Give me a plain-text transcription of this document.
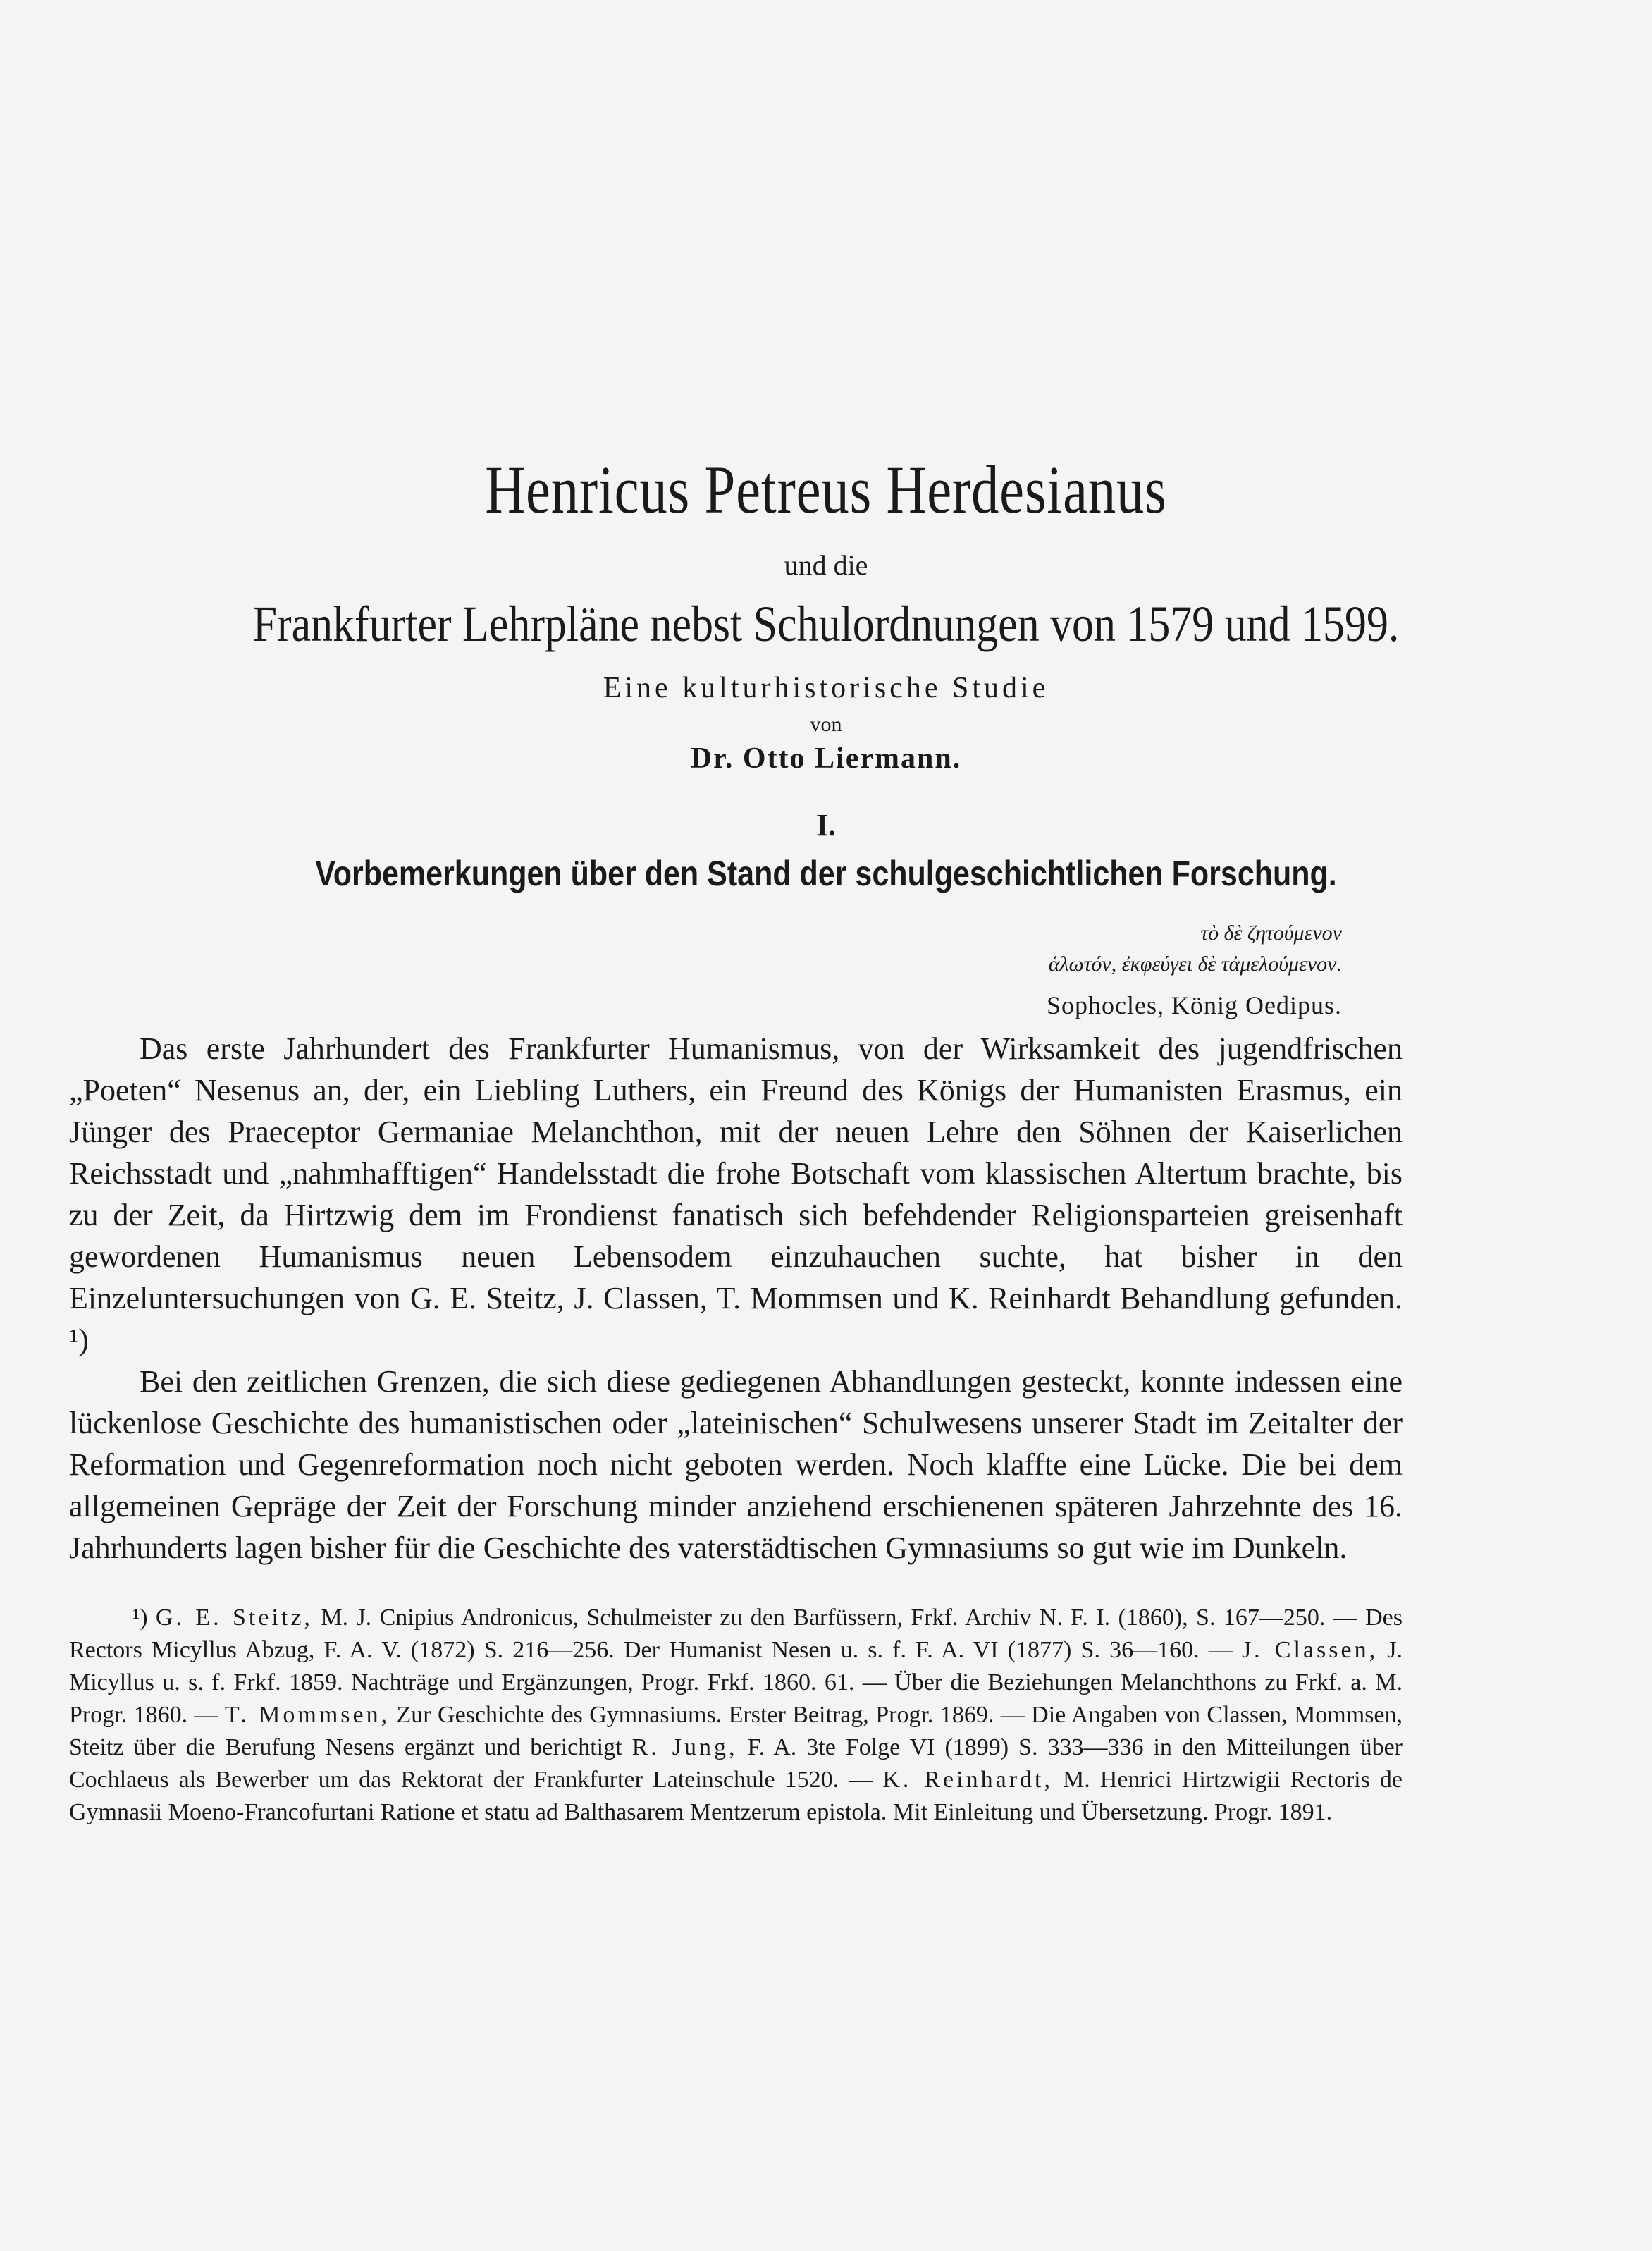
Henricus Petreus Herdesianus
und die
Frankfurter Lehrpläne nebst Schulordnungen von 1579 und 1599.
Eine kulturhistorische Studie
von
Dr. Otto Liermann.
I.
Vorbemerkungen über den Stand der schulgeschichtlichen Forschung.
τὸ δὲ ζητούμενον
ἁλωτόν, ἐκφεύγει δὲ τἀμελούμενον.
Sophocles, König Oedipus.

Das erste Jahrhundert des Frankfurter Humanismus, von der Wirksamkeit des jugendfrischen „Poeten“ Nesenus an, der, ein Liebling Luthers, ein Freund des Königs der Humanisten Erasmus, ein Jünger des Praeceptor Germaniae Melanchthon, mit der neuen Lehre den Söhnen der Kaiserlichen Reichsstadt und „nahmhafftigen“ Handelsstadt die frohe Botschaft vom klassischen Altertum brachte, bis zu der Zeit, da Hirtzwig dem im Frondienst fanatisch sich befehdender Religionsparteien greisenhaft gewordenen Humanismus neuen Lebensodem einzuhauchen suchte, hat bisher in den Einzeluntersuchungen von G. E. Steitz, J. Classen, T. Mommsen und K. Reinhardt Behandlung gefunden. ¹)

Bei den zeitlichen Grenzen, die sich diese gediegenen Abhandlungen gesteckt, konnte indessen eine lückenlose Geschichte des humanistischen oder „lateinischen“ Schulwesens unserer Stadt im Zeitalter der Reformation und Gegenreformation noch nicht geboten werden. Noch klaffte eine Lücke. Die bei dem allgemeinen Gepräge der Zeit der Forschung minder anziehend erschienenen späteren Jahrzehnte des 16. Jahrhunderts lagen bisher für die Geschichte des vaterstädtischen Gymnasiums so gut wie im Dunkeln.

¹) G. E. Steitz, M. J. Cnipius Andronicus, Schulmeister zu den Barfüssern, Frkf. Archiv N. F. I. (1860), S. 167—250. — Des Rectors Micyllus Abzug, F. A. V. (1872) S. 216—256. Der Humanist Nesen u. s. f. F. A. VI (1877) S. 36—160. — J. Classen, J. Micyllus u. s. f. Frkf. 1859. Nachträge und Ergänzungen, Progr. Frkf. 1860. 61. — Über die Beziehungen Melanchthons zu Frkf. a. M. Progr. 1860. — T. Mommsen, Zur Geschichte des Gymnasiums. Erster Beitrag, Progr. 1869. — Die Angaben von Classen, Mommsen, Steitz über die Berufung Nesens ergänzt und berichtigt R. Jung, F. A. 3te Folge VI (1899) S. 333—336 in den Mitteilungen über Cochlaeus als Bewerber um das Rektorat der Frankfurter Lateinschule 1520. — K. Reinhardt, M. Henrici Hirtzwigii Rectoris de Gymnasii Moeno-Francofurtani Ratione et statu ad Balthasarem Mentzerum epistola. Mit Einleitung und Übersetzung. Progr. 1891.
